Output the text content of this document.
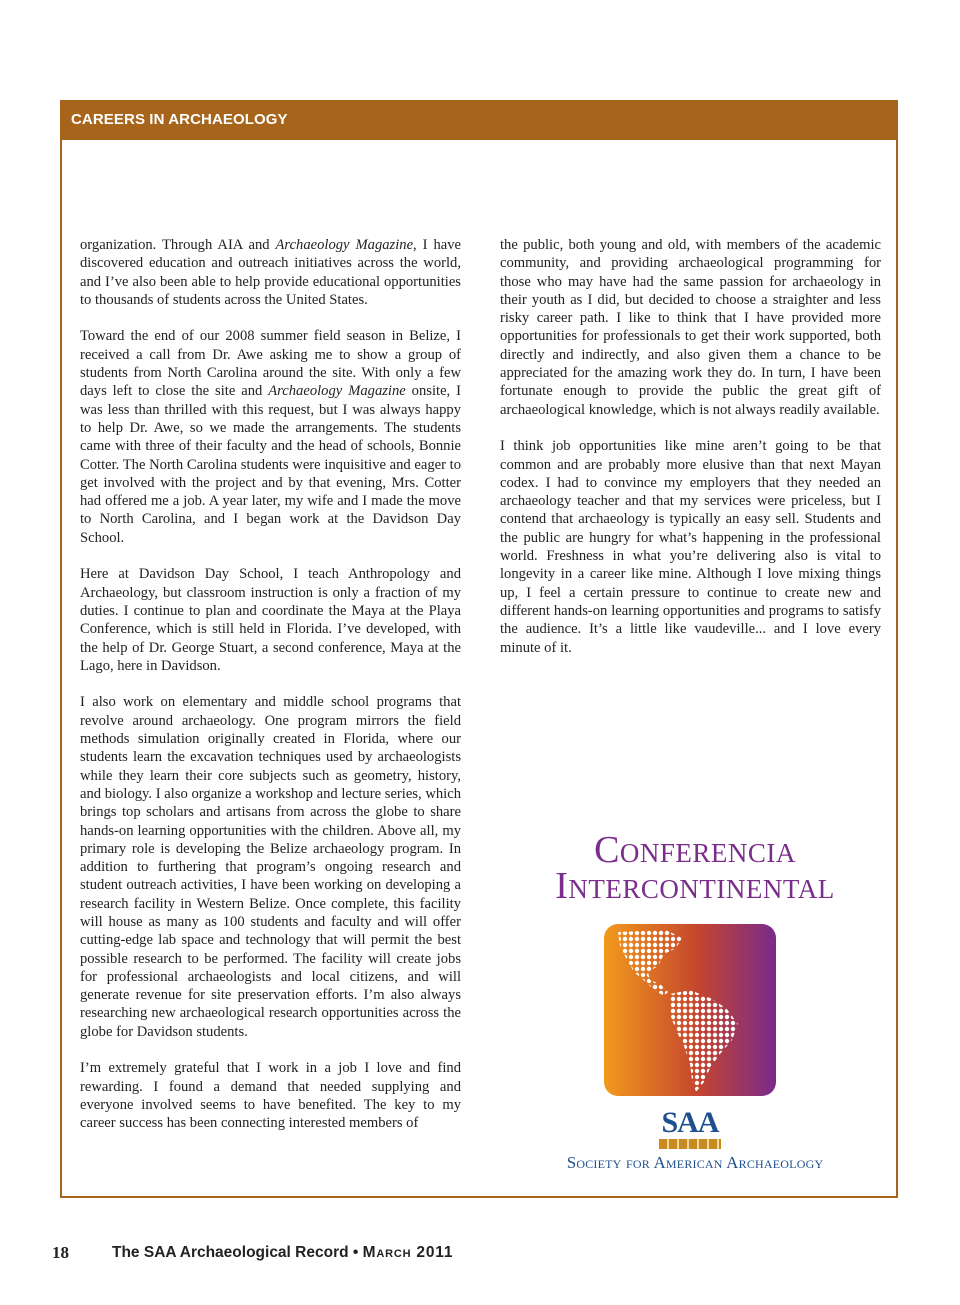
CAREERS IN ARCHAEOLOGY

organization. Through AIA and Archaeology Magazine, I have discovered education and outreach initiatives across the world, and I’ve also been able to help provide educational opportunities to thousands of students across the United States.

Toward the end of our 2008 summer field season in Belize, I received a call from Dr. Awe asking me to show a group of students from North Carolina around the site. With only a few days left to close the site and Archaeology Magazine onsite, I was less than thrilled with this request, but I was always happy to help Dr. Awe, so we made the arrangements. The students came with three of their faculty and the head of schools, Bonnie Cotter. The North Carolina students were inquisitive and eager to get involved with the project and by that evening, Mrs. Cotter had offered me a job. A year later, my wife and I made the move to North Carolina, and I began work at the Davidson Day School.

Here at Davidson Day School, I teach Anthropology and Archaeology, but classroom instruction is only a fraction of my duties. I continue to plan and coordinate the Maya at the Playa Conference, which is still held in Florida. I’ve developed, with the help of Dr. George Stuart, a second conference, Maya at the Lago, here in Davidson.

I also work on elementary and middle school programs that revolve around archaeology. One program mirrors the field methods simulation originally created in Florida, where our students learn the excavation techniques used by archaeologists while they learn their core subjects such as geometry, history, and biology. I also organize a workshop and lecture series, which brings top scholars and artisans from across the globe to share hands-on learning opportunities with the children. Above all, my primary role is developing the Belize archaeology program. In addition to furthering that program’s ongoing research and student outreach activities, I have been working on developing a research facility in Western Belize. Once complete, this facility will house as many as 100 students and faculty and will offer cutting-edge lab space and technology that will permit the best possible research to be performed. The facility will create jobs for professional archaeologists and local citizens, and will generate revenue for site preservation efforts. I’m also always researching new archaeological research opportunities across the globe for Davidson students.

I’m extremely grateful that I work in a job I love and find rewarding. I found a demand that needed supplying and everyone involved seems to have benefited. The key to my career success has been connecting interested members of

the public, both young and old, with members of the academic community, and providing archaeological programming for those who may have had the same passion for archaeology in their youth as I did, but decided to choose a straighter and less risky career path. I like to think that I have provided more opportunities for professionals to get their work supported, both directly and indirectly, and also given them a chance to be appreciated for the amazing work they do. In turn, I have been fortunate enough to provide the public the great gift of archaeological knowledge, which is not always readily available.

I think job opportunities like mine aren’t going to be that common and are probably more elusive than that next Mayan codex. I had to convince my employers that they needed an archaeology teacher and that my services were priceless, but I contend that archaeology is typically an easy sell. Students and the public are hungry for what’s happening in the professional world. Freshness in what you’re delivering also is vital to longevity in a career like mine. Although I love mixing things up, I feel a certain pressure to continue to create new and different hands-on learning opportunities and programs to satisfy the audience. It’s a little like vaudeville... and I love every minute of it.

Conferencia
Intercontinental
SAA
Society for American Archaeology
18	The SAA Archaeological Record • March 2011
